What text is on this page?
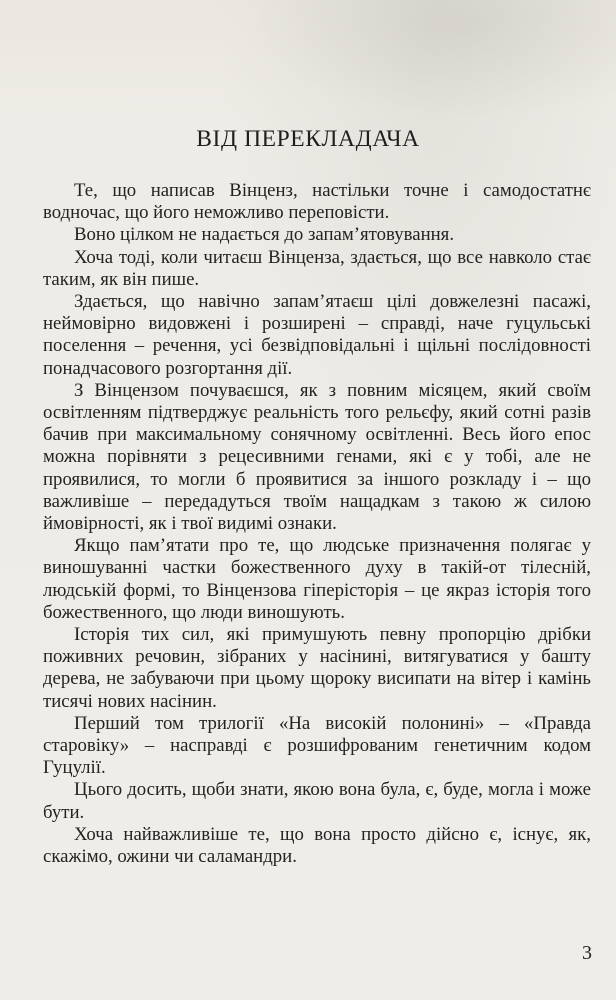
ВІД ПЕРЕКЛАДАЧА

Те, що написав Вінценз, настільки точне і самодостатнє водночас, що його неможливо переповісти.

Воно цілком не надається до запам’ятовування.

Хоча тоді, коли читаєш Вінценза, здається, що все навколо стає таким, як він пише.

Здається, що навічно запам’ятаєш цілі довжелезні пасажі, неймовірно видовжені і розширені – справді, наче гуцульські поселення – речення, усі безвідповідальні і щільні послідовності понадчасового розгортання дії.

З Вінцензом почуваєшся, як з повним місяцем, який своїм освітленням підтверджує реальність того рельєфу, який сотні разів бачив при максимальному сонячному освітленні. Весь його епос можна порівняти з рецесивними генами, які є у тобі, але не проявилися, то могли б проявитися за іншого розкладу і – що важливіше – передадуться твоїм нащадкам з такою ж силою ймовірності, як і твої видимі ознаки.

Якщо пам’ятати про те, що людське призначення полягає у виношуванні частки божественного духу в такій-от тілесній, людській формі, то Вінцензова гіперісторія – це якраз історія того божественного, що люди виношують.

Історія тих сил, які примушують певну пропорцію дрібки поживних речовин, зібраних у насінині, витягуватися у башту дерева, не забуваючи при цьому щороку висипати на вітер і камінь тисячі нових насінин.

Перший том трилогії «На високій полонині» – «Правда старовіку» – насправді є розшифрованим генетичним кодом Гуцулії.

Цього досить, щоби знати, якою вона була, є, буде, могла і може бути.

Хоча найважливіше те, що вона просто дійсно є, існує, як, скажімо, ожини чи саламандри.

3
